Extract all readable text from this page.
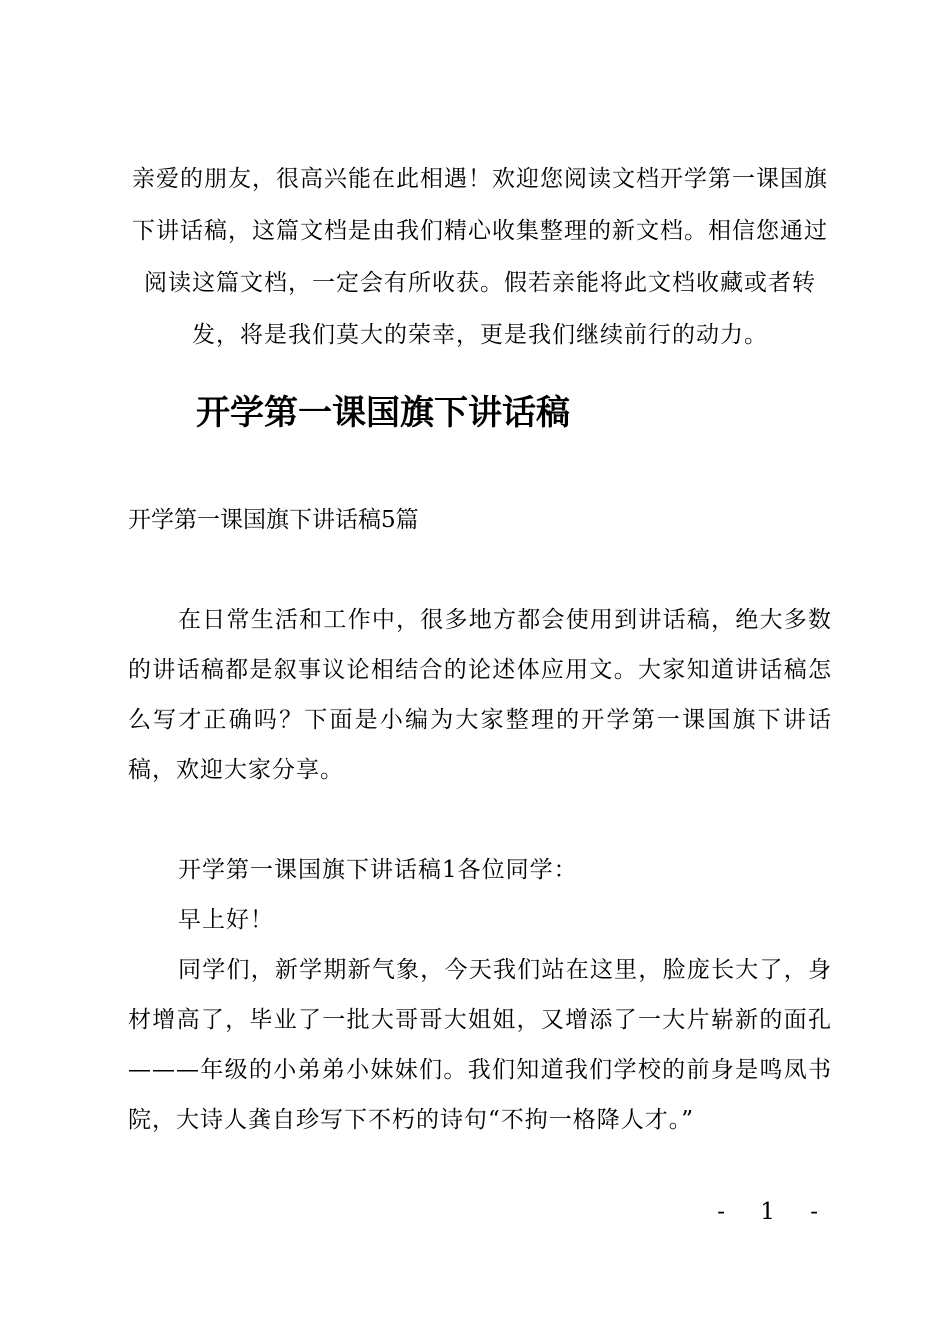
亲爱的朋友，很高兴能在此相遇！欢迎您阅读文档开学第一课国旗下讲话稿，这篇文档是由我们精心收集整理的新文档。相信您通过阅读这篇文档，一定会有所收获。假若亲能将此文档收藏或者转发，将是我们莫大的荣幸，更是我们继续前行的动力。
开学第一课国旗下讲话稿
开学第一课国旗下讲话稿5篇
在日常生活和工作中，很多地方都会使用到讲话稿，绝大多数的讲话稿都是叙事议论相结合的论述体应用文。大家知道讲话稿怎么写才正确吗？下面是小编为大家整理的开学第一课国旗下讲话稿，欢迎大家分享。
开学第一课国旗下讲话稿1各位同学：
早上好！
同学们，新学期新气象，今天我们站在这里，脸庞长大了，身材增高了，毕业了一批大哥哥大姐姐，又增添了一大片崭新的面孔———年级的小弟弟小妹妹们。我们知道我们学校的前身是鸣凤书院，大诗人龚自珍写下不朽的诗句“不拘一格降人才。”
- 1 -
